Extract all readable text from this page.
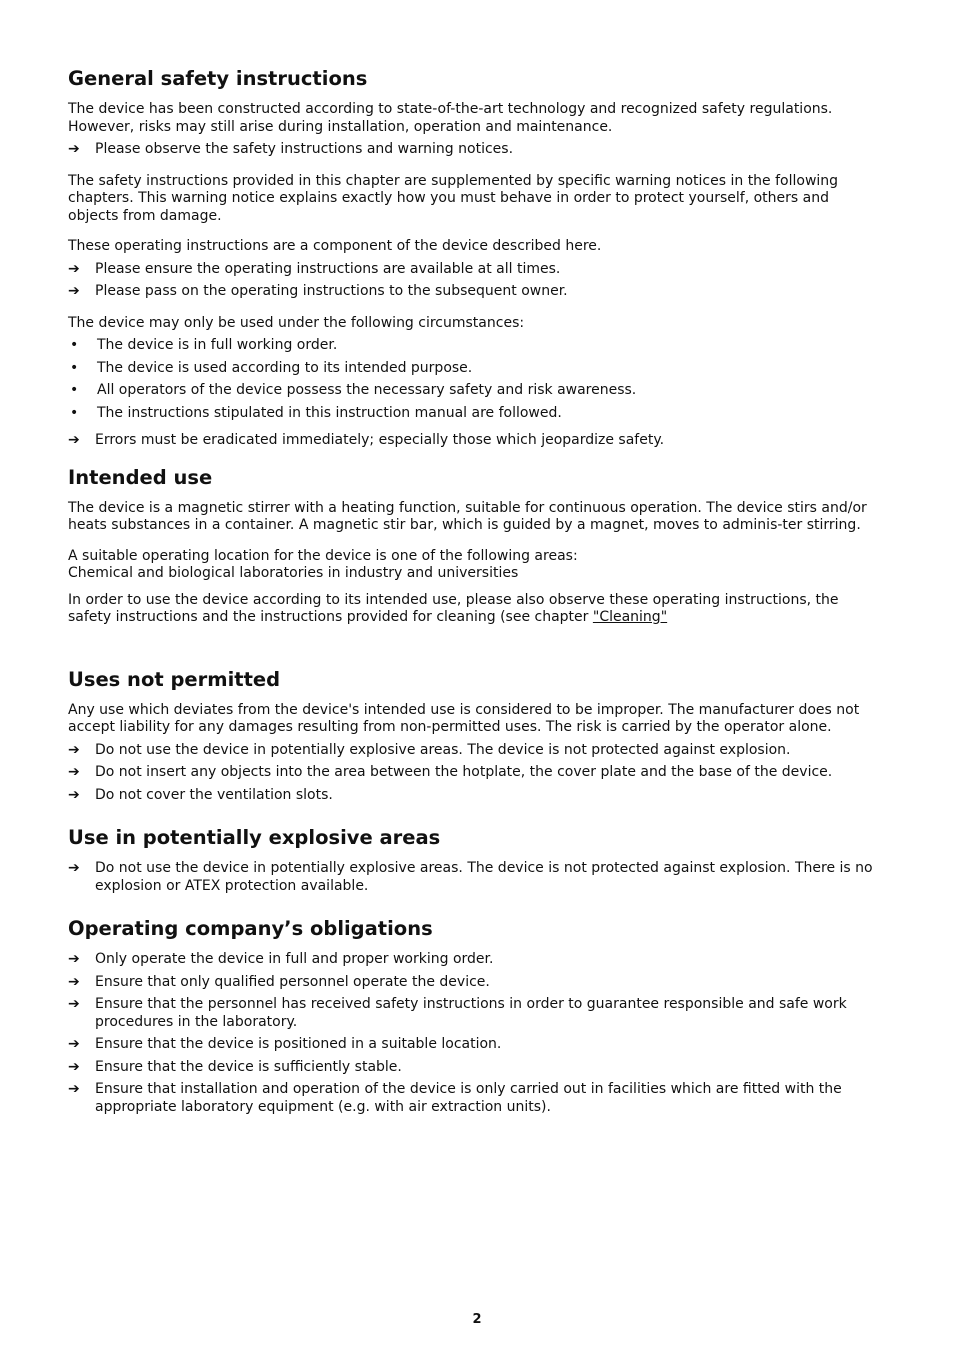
General safety instructions

The device has been constructed according to state-of-the-art technology and recognized safety regulations. However, risks may still arise during installation, operation and maintenance.

➔	Please observe the safety instructions and warning notices.

The safety instructions provided in this chapter are supplemented by specific warning notices in the following chapters. This warning notice explains exactly how you must behave in order to protect yourself, others and objects from damage.

These operating instructions are a component of the device described here.

➔	Please ensure the operating instructions are available at all times.
➔	Please pass on the operating instructions to the subsequent owner.

The device may only be used under the following circumstances:

•	The device is in full working order.
•	The device is used according to its intended purpose.
•	All operators of the device possess the necessary safety and risk awareness.
•	The instructions stipulated in this instruction manual are followed.
➔	Errors must be eradicated immediately; especially those which jeopardize safety.
Intended use

The device is a magnetic stirrer with a heating function, suitable for continuous operation. The device stirs and/or heats substances in a container. A magnetic stir bar, which is guided by a magnet, moves to adminis-ter stirring.

A suitable operating location for the device is one of the following areas:

Chemical and biological laboratories in industry and universities

In order to use the device according to its intended use, please also observe these operating instructions, the safety instructions and the instructions provided for cleaning (see chapter "Cleaning"

Uses not permitted

Any use which deviates from the device's intended use is considered to be improper. The manufacturer does not accept liability for any damages resulting from non-permitted uses. The risk is carried by the operator alone.

➔	Do not use the device in potentially explosive areas. The device is not protected against explosion.
➔	Do not insert any objects into the area between the hotplate, the cover plate and the base of the device.
➔	Do not cover the ventilation slots.
Use in potentially explosive areas
➔	Do not use the device in potentially explosive areas. The device is not protected against explosion. There is no explosion or ATEX protection available.
Operating company’s obligations
➔	Only operate the device in full and proper working order.
➔	Ensure that only qualified personnel operate the device.
➔	Ensure that the personnel has received safety instructions in order to guarantee responsible and safe work procedures in the laboratory.
➔	Ensure that the device is positioned in a suitable location.
➔	Ensure that the device is sufficiently stable.
➔	Ensure that installation and operation of the device is only carried out in facilities which are fitted with the appropriate laboratory equipment (e.g. with air extraction units).
2
